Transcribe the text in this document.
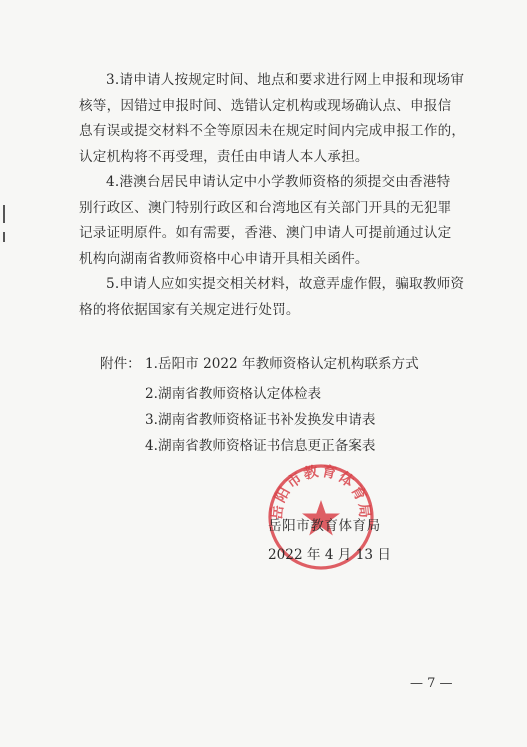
3.请申请人按规定时间、地点和要求进行网上申报和现场审
核等，因错过申报时间、选错认定机构或现场确认点、申报信
息有误或提交材料不全等原因未在规定时间内完成申报工作的，
认定机构将不再受理，责任由申请人本人承担。
4.港澳台居民申请认定中小学教师资格的须提交由香港特
别行政区、澳门特别行政区和台湾地区有关部门开具的无犯罪
记录证明原件。如有需要，香港、澳门申请人可提前通过认定
机构向湖南省教师资格中心申请开具相关函件。
5.申请人应如实提交相关材料，故意弄虚作假，骗取教师资
格的将依据国家有关规定进行处罚。
附件： 1.岳阳市 2022 年教师资格认定机构联系方式
2.湖南省教师资格认定体检表
3.湖南省教师资格证书补发换发申请表
4.湖南省教师资格证书信息更正备案表
岳阳市教育体育局
岳阳市教育体育局
2022 年 4 月 13 日
— 7 —
